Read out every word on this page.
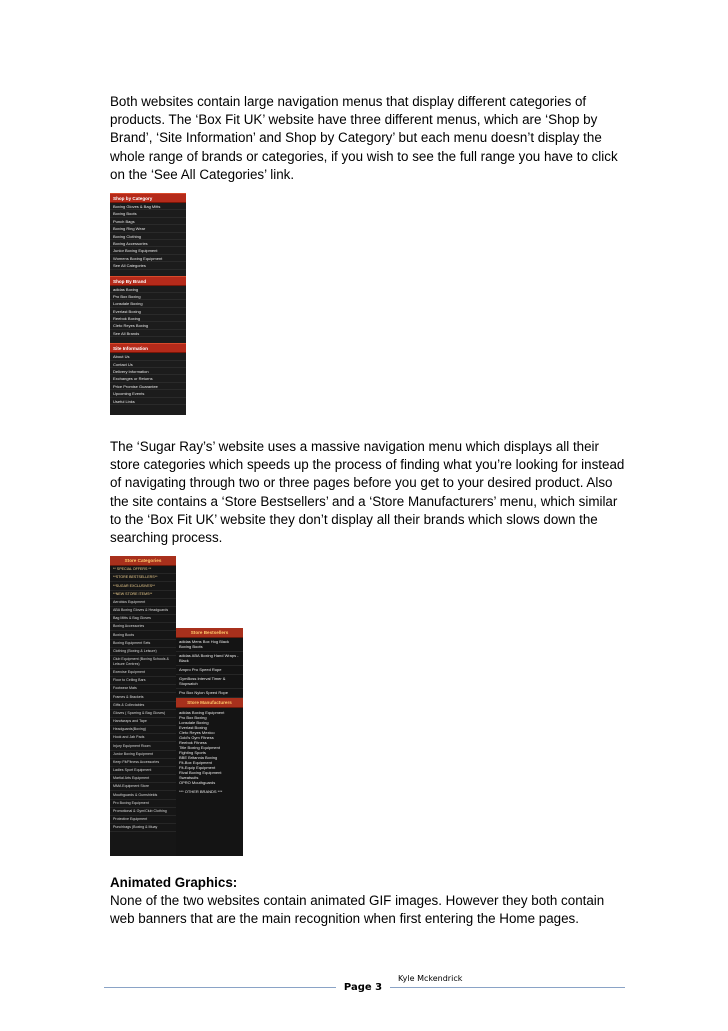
Both websites contain large navigation menus that display different categories of products. The ‘Box Fit UK’ website have three different menus, which are ‘Shop by Brand’, ‘Site Information’ and Shop by Category’ but each menu doesn’t display the whole range of brands or categories, if you wish to see the full range you have to click on the ‘See All Categories’ link.
Shop by Category
Boxing Gloves & Bag Mitts
Boxing Boots
Punch Bags
Boxing Ring Wear
Boxing Clothing
Boxing Accessories
Junior Boxing Equipment
Womens Boxing Equipment
See All Categories
Shop By Brand
adidas Boxing
Pro Box Boxing
Lonsdale Boxing
Everlast Boxing
Reebok Boxing
Cleto Reyes Boxing
See All Brands
Site Information
About Us
Contact Us
Delivery Information
Exchanges or Returns
Price Promise Guarantee
Upcoming Events
Useful Links
The ‘Sugar Ray’s’ website uses a massive navigation menu which displays all their store categories which speeds up the process of finding what you’re looking for instead of navigating through two or three pages before you get to your desired product. Also the site contains a ‘Store Bestsellers’ and a ‘Store Manufacturers’ menu, which similar to the ‘Box Fit UK’ website they don’t display all their brands which slows down the searching process.
Store Categories
** SPECIAL OFFERS **
**STORE BESTSELLERS**
**SUGAR EXCLUSIVES**
**NEW STORE ITEMS**
Aerobics Equipment
ABA Boxing Gloves & Headguards
Bag Mitts & Bag Gloves
Boxing Accessories
Boxing Boots
Boxing Equipment Sets
Clothing (Boxing & Leisure)
Club Equipment (Boxing Schools & Leisure Centres)
Exercise Equipment
Floor to Ceiling Bars
Footwear Mats
Frames & Brackets
Gifts & Collectables
Gloves ( Sparring & Bag Gloves)
Handwraps and Tape
Headguards(Boxing)
Hook and Jab Pads
Injury Equipment Room
Junior Boxing Equipment
Keep Fit/Fitness Accessories
Ladies Sport Equipment
Martial Arts Equipment
MMA Equipment Store
Mouthguards & Gumshields
Pro Boxing Equipment
Promotional & Gym/Club Clothing
Protective Equipment
Punchbags (Boxing & Muay
Store Bestsellers
adidas Mens Box Hog Black Boxing Boots
adidas ABA Boxing Hand Wraps - Black
Ampro Pro Speed Rope
GymBoss Interval Timer & Stopwatch
Pro Box Nylon Speed Rope
Store Manufacturers
adidas Boxing Equipment
Pro Box Boxing
Lonsdale Boxing
Everlast Boxing
Cleto Reyes Mexico
Gold's Gym Fitness
Reebok Fitness
Title Boxing Equipment
Fighting Sports
BBE Britannia Boxing
Fit-Box Equipment
Fit-Equip Equipment
Rival Boxing Equipment
Sweatsuits
OPRO Mouthguards
*** OTHER BRANDS ***
Animated Graphics:
None of the two websites contain animated GIF images. However they both contain web banners that are the main recognition when first entering the Home pages.
Kyle Mckendrick
Page 3
